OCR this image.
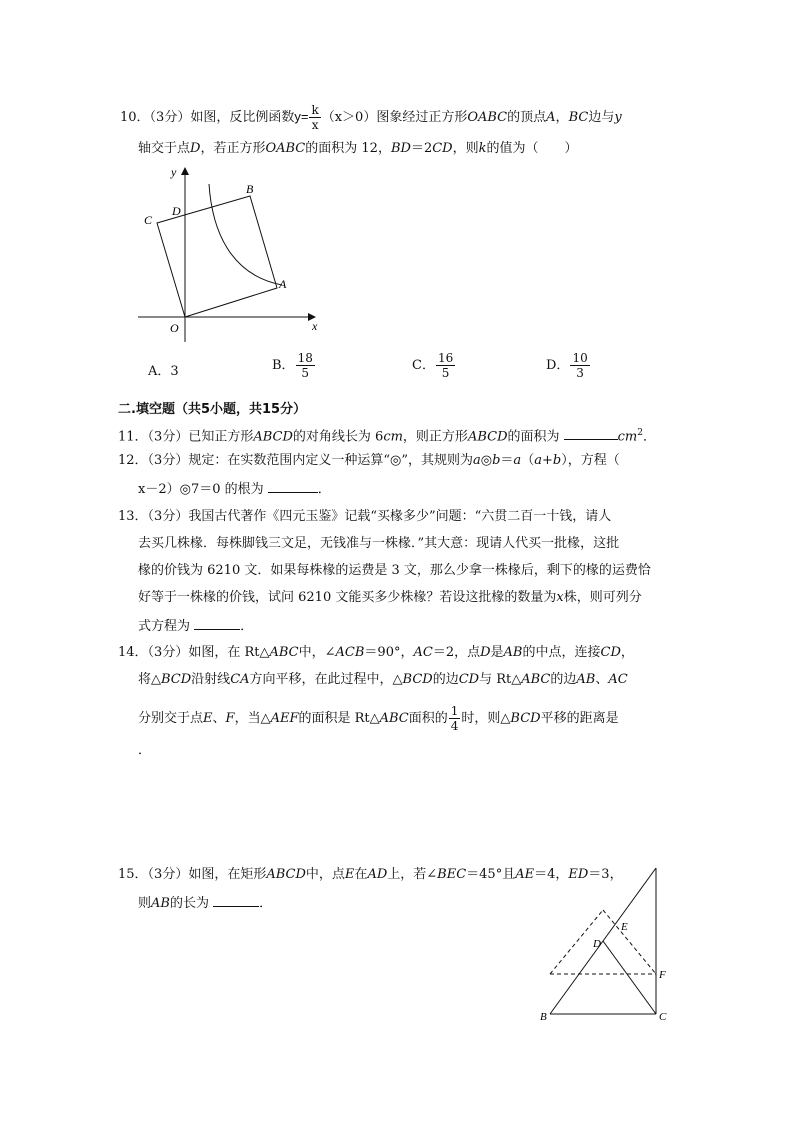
10．（3分）如图，反比例函数$y= \frac{k}{x} (x>0)$图象经过正方形OABC的顶点A，BC边与y
轴交于点D，若正方形OABC的面积为 12，BD＝2CD，则k的值为（　　）
y
x
O
A
B
C
D
A．3	B． $\frac{18}{5}$	C． $\frac{16}{5}$	D． $\frac{10}{3}$
二.填空题（共5小题，共15分）
11．（3分）已知正方形ABCD的对角线长为 6cm，则正方形ABCD的面积为	$cm^2$．
12．（3分）规定：在实数范围内定义一种运算“◎”，其规则为a◎b＝a（a+b），方程（
x－2）◎7＝0 的根为	．
13．（3分）我国古代著作《四元玉鉴》记载“买椽多少”问题：“六贯二百一十钱，请人
去买几株椽．每株脚钱三文足，无钱准与一株椽．”其大意：现请人代买一批椽，这批
椽的价钱为 6210 文．如果每株椽的运费是 3 文，那么少拿一株椽后，剩下的椽的运费恰
好等于一株椽的价钱，试问 6210 文能买多少株椽？若设这批椽的数量为x株，则可列分
式方程为	．
14．（3分）如图，在 Rt△ABC中，∠ACB＝90°，AC＝2，点D是AB的中点，连接CD，
将△BCD沿射线CA方向平移，在此过程中，△BCD的边CD与 Rt△ABC的边AB、AC
分别交于点E、F，当△AEF的面积是 Rt△ABC面积的 $\frac{1}{4}$ 时，则△BCD平移的距离是
．
15．（3分）如图，在矩形ABCD中，点E在AD上，若∠BEC＝45°且AE＝4，ED＝3，
则AB的长为	．
B	C
D
E
F
